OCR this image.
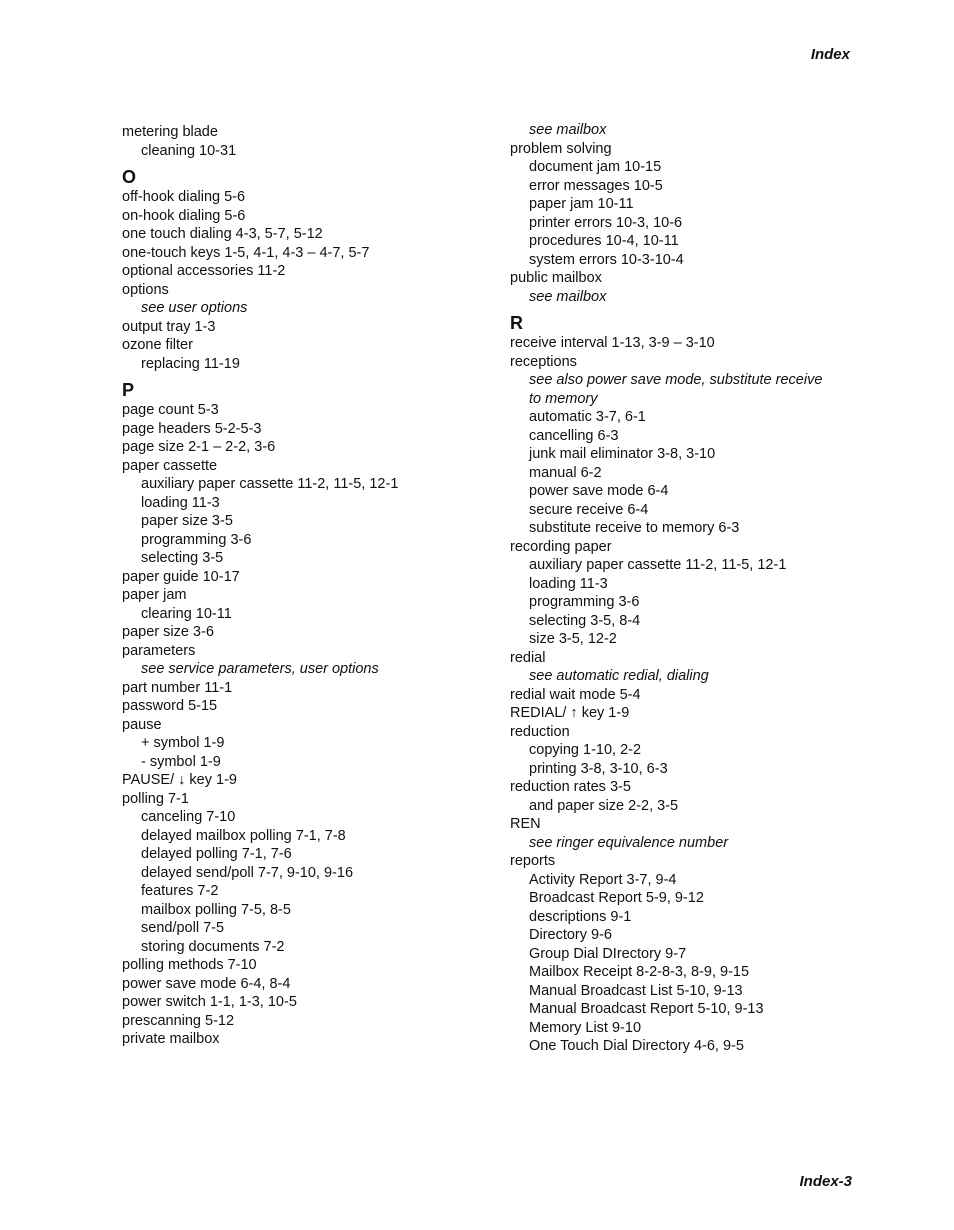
Index
metering blade
cleaning 10-31
O
off-hook dialing 5-6
on-hook dialing 5-6
one touch dialing 4-3, 5-7, 5-12
one-touch keys 1-5, 4-1, 4-3 – 4-7, 5-7
optional accessories 11-2
options
see user options
output tray 1-3
ozone filter
replacing 11-19
P
page count 5-3
page headers 5-2-5-3
page size 2-1 – 2-2, 3-6
paper cassette
auxiliary paper cassette 11-2, 11-5, 12-1
loading 11-3
paper size 3-5
programming 3-6
selecting 3-5
paper guide 10-17
paper jam
clearing 10-11
paper size 3-6
parameters
see service parameters, user options
part number 11-1
password 5-15
pause
+ symbol 1-9
- symbol 1-9
PAUSE/ ↓ key 1-9
polling 7-1
canceling 7-10
delayed mailbox polling 7-1, 7-8
delayed polling 7-1, 7-6
delayed send/poll 7-7, 9-10, 9-16
features 7-2
mailbox polling 7-5, 8-5
send/poll 7-5
storing documents 7-2
polling methods 7-10
power save mode 6-4, 8-4
power switch 1-1, 1-3, 10-5
prescanning 5-12
private mailbox
see mailbox
problem solving
document jam 10-15
error messages 10-5
paper jam 10-11
printer errors 10-3, 10-6
procedures 10-4, 10-11
system errors 10-3-10-4
public mailbox
see mailbox
R
receive interval 1-13, 3-9 – 3-10
receptions
see also power save mode, substitute receive
to memory
automatic 3-7, 6-1
cancelling 6-3
junk mail eliminator 3-8, 3-10
manual 6-2
power save mode 6-4
secure receive 6-4
substitute receive to memory 6-3
recording paper
auxiliary paper cassette 11-2, 11-5, 12-1
loading 11-3
programming 3-6
selecting 3-5, 8-4
size 3-5, 12-2
redial
see automatic redial, dialing
redial wait mode 5-4
REDIAL/ ↑ key 1-9
reduction
copying 1-10, 2-2
printing 3-8, 3-10, 6-3
reduction rates 3-5
and paper size 2-2, 3-5
REN
see ringer equivalence number
reports
Activity Report 3-7, 9-4
Broadcast Report 5-9, 9-12
descriptions 9-1
Directory 9-6
Group Dial DIrectory 9-7
Mailbox Receipt 8-2-8-3, 8-9, 9-15
Manual Broadcast List 5-10, 9-13
Manual Broadcast Report 5-10, 9-13
Memory List 9-10
One Touch Dial Directory 4-6, 9-5
Index-3
